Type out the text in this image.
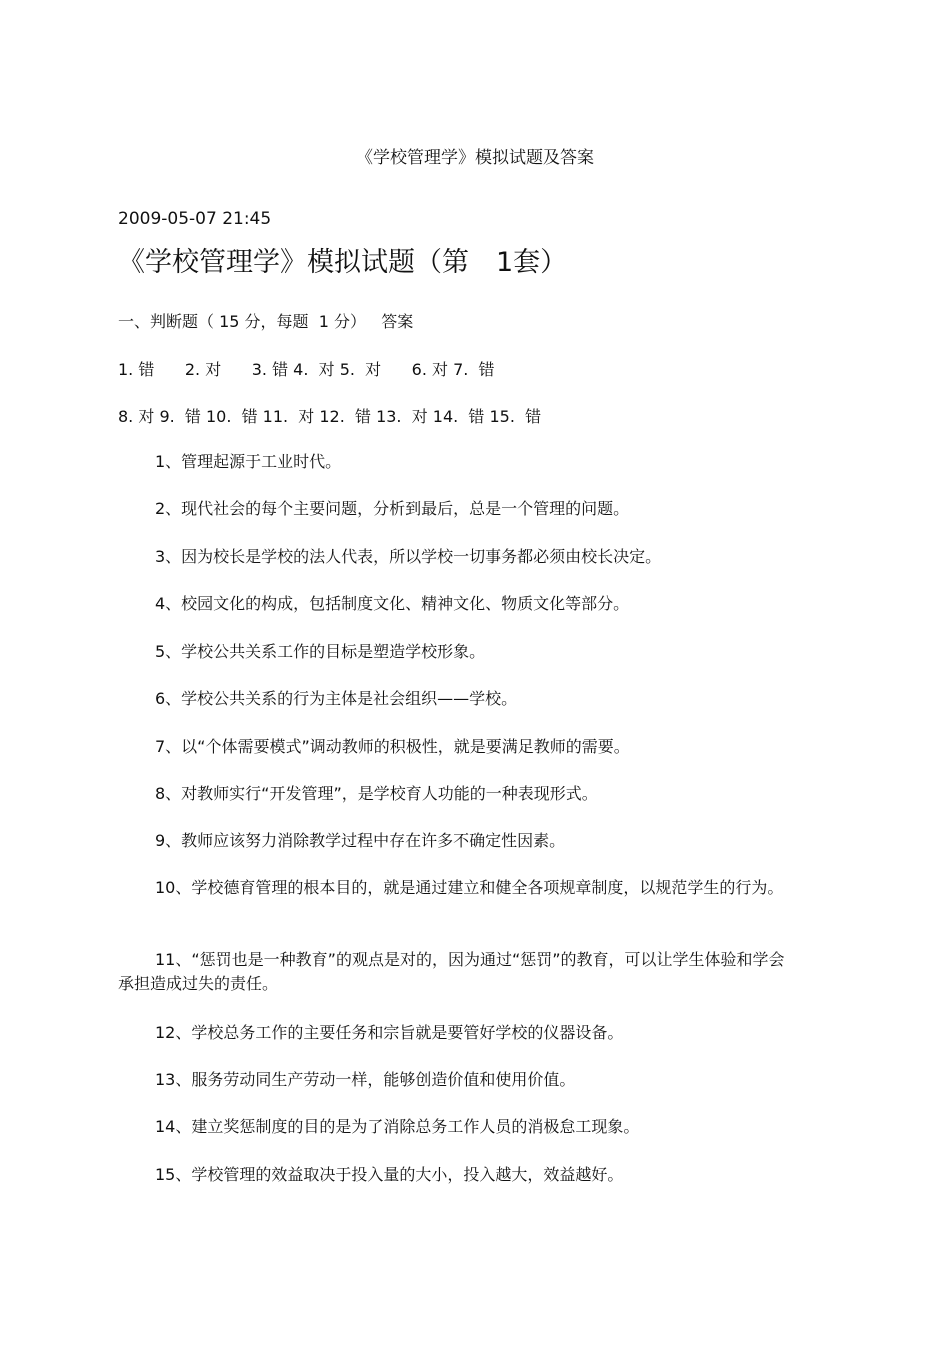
《学校管理学》模拟试题及答案
2009-05-07 21:45
《学校管理学》模拟试题（第　1套）
一、判断题（ 15 分，每题  1 分）   答案
1. 错      2. 对      3. 错 4.  对 5.  对      6. 对 7.  错
8. 对 9.  错 10.  错 11.  对 12.  错 13.  对 14.  错 15.  错

1、管理起源于工业时代。

2、现代社会的每个主要问题，分析到最后，总是一个管理的问题。

3、因为校长是学校的法人代表，所以学校一切事务都必须由校长决定。

4、校园文化的构成，包括制度文化、精神文化、物质文化等部分。

5、学校公共关系工作的目标是塑造学校形象。

6、学校公共关系的行为主体是社会组织——学校。

7、以“个体需要模式”调动教师的积极性，就是要满足教师的需要。

8、对教师实行“开发管理”，是学校育人功能的一种表现形式。

9、教师应该努力消除教学过程中存在许多不确定性因素。

10、学校德育管理的根本目的，就是通过建立和健全各项规章制度，以规范学生的行为。

11、“惩罚也是一种教育”的观点是对的，因为通过“惩罚”的教育，可以让学生体验和学会承担造成过失的责任。

12、学校总务工作的主要任务和宗旨就是要管好学校的仪器设备。

13、服务劳动同生产劳动一样，能够创造价值和使用价值。

14、建立奖惩制度的目的是为了消除总务工作人员的消极怠工现象。

15、学校管理的效益取决于投入量的大小，投入越大，效益越好。
